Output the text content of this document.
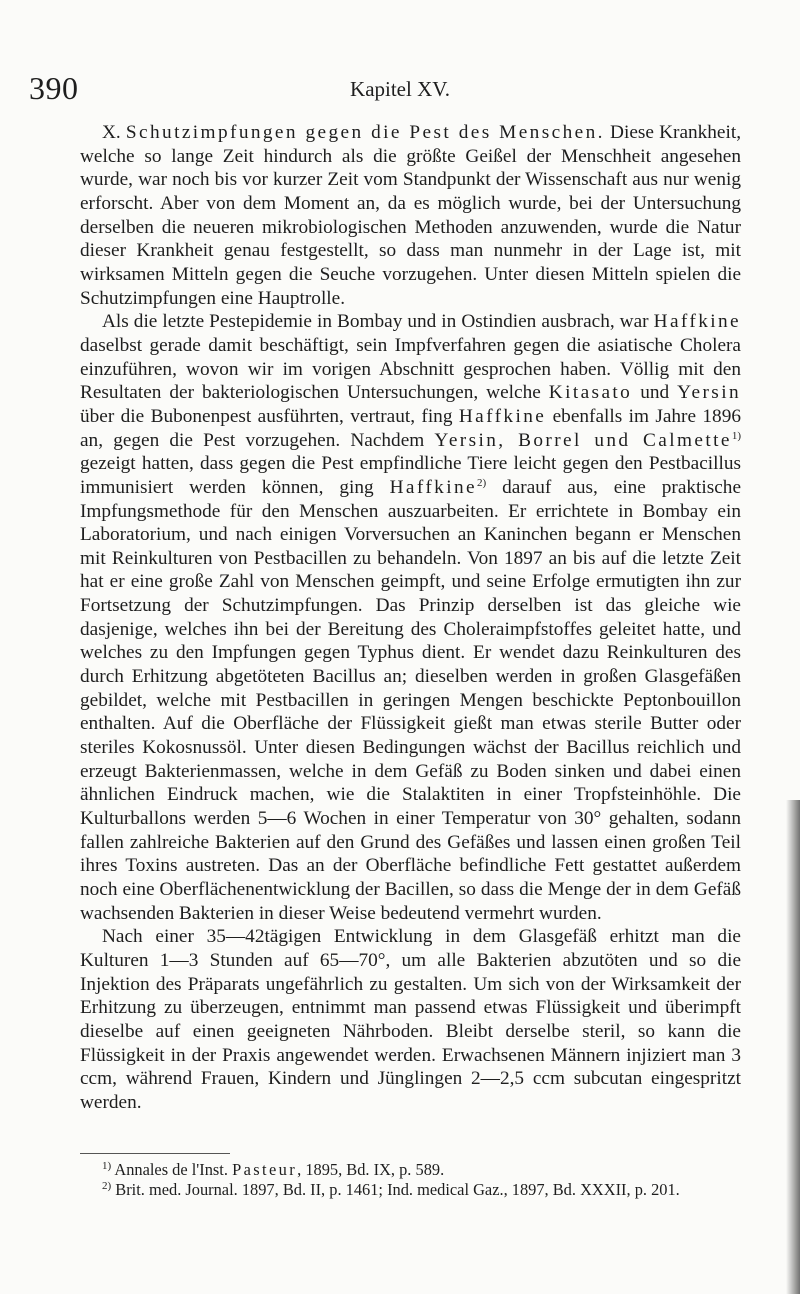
390	Kapitel XV.

X. Schutzimpfungen gegen die Pest des Menschen. Diese Krankheit, welche so lange Zeit hindurch als die größte Geißel der Menschheit angesehen wurde, war noch bis vor kurzer Zeit vom Standpunkt der Wissenschaft aus nur wenig erforscht. Aber von dem Moment an, da es möglich wurde, bei der Untersuchung derselben die neueren mikrobiologischen Methoden anzuwenden, wurde die Natur dieser Krankheit genau festgestellt, so dass man nunmehr in der Lage ist, mit wirksamen Mitteln gegen die Seuche vorzugehen. Unter diesen Mitteln spielen die Schutzimpfungen eine Hauptrolle.

Als die letzte Pestepidemie in Bombay und in Ostindien ausbrach, war Haffkine daselbst gerade damit beschäftigt, sein Impfverfahren gegen die asiatische Cholera einzuführen, wovon wir im vorigen Abschnitt gesprochen haben. Völlig mit den Resultaten der bakteriologischen Untersuchungen, welche Kitasato und Yersin über die Bubonenpest ausführten, vertraut, fing Haffkine ebenfalls im Jahre 1896 an, gegen die Pest vorzugehen. Nachdem Yersin, Borrel und Calmette$^{1)}$ gezeigt hatten, dass gegen die Pest empfindliche Tiere leicht gegen den Pestbacillus immunisiert werden können, ging Haffkine$^{2)}$ darauf aus, eine praktische Impfungsmethode für den Menschen auszuarbeiten. Er errichtete in Bombay ein Laboratorium, und nach einigen Vorversuchen an Kaninchen begann er Menschen mit Reinkulturen von Pestbacillen zu behandeln. Von 1897 an bis auf die letzte Zeit hat er eine große Zahl von Menschen geimpft, und seine Erfolge ermutigten ihn zur Fortsetzung der Schutzimpfungen. Das Prinzip derselben ist das gleiche wie dasjenige, welches ihn bei der Bereitung des Choleraimpfstoffes geleitet hatte, und welches zu den Impfungen gegen Typhus dient. Er wendet dazu Reinkulturen des durch Erhitzung abgetöteten Bacillus an; dieselben werden in großen Glasgefäßen gebildet, welche mit Pestbacillen in geringen Mengen beschickte Peptonbouillon enthalten. Auf die Oberfläche der Flüssigkeit gießt man etwas sterile Butter oder steriles Kokosnussöl. Unter diesen Bedingungen wächst der Bacillus reichlich und erzeugt Bakterienmassen, welche in dem Gefäß zu Boden sinken und dabei einen ähnlichen Eindruck machen, wie die Stalaktiten in einer Tropfsteinhöhle. Die Kulturballons werden 5—6 Wochen in einer Temperatur von 30° gehalten, sodann fallen zahlreiche Bakterien auf den Grund des Gefäßes und lassen einen großen Teil ihres Toxins austreten. Das an der Oberfläche befindliche Fett gestattet außerdem noch eine Oberflächenentwicklung der Bacillen, so dass die Menge der in dem Gefäß wachsenden Bakterien in dieser Weise bedeutend vermehrt wurden.

Nach einer 35—42tägigen Entwicklung in dem Glasgefäß erhitzt man die Kulturen 1—3 Stunden auf 65—70°, um alle Bakterien abzutöten und so die Injektion des Präparats ungefährlich zu gestalten. Um sich von der Wirksamkeit der Erhitzung zu überzeugen, entnimmt man passend etwas Flüssigkeit und überimpft dieselbe auf einen geeigneten Nährboden. Bleibt derselbe steril, so kann die Flüssigkeit in der Praxis angewendet werden. Erwachsenen Männern injiziert man 3 ccm, während Frauen, Kindern und Jünglingen 2—2,5 ccm subcutan eingespritzt werden.

$^{1)}$ Annales de l'Inst. Pasteur, 1895, Bd. IX, p. 589.

$^{2)}$ Brit. med. Journal. 1897, Bd. II, p. 1461; Ind. medical Gaz., 1897, Bd. XXXII, p. 201.
